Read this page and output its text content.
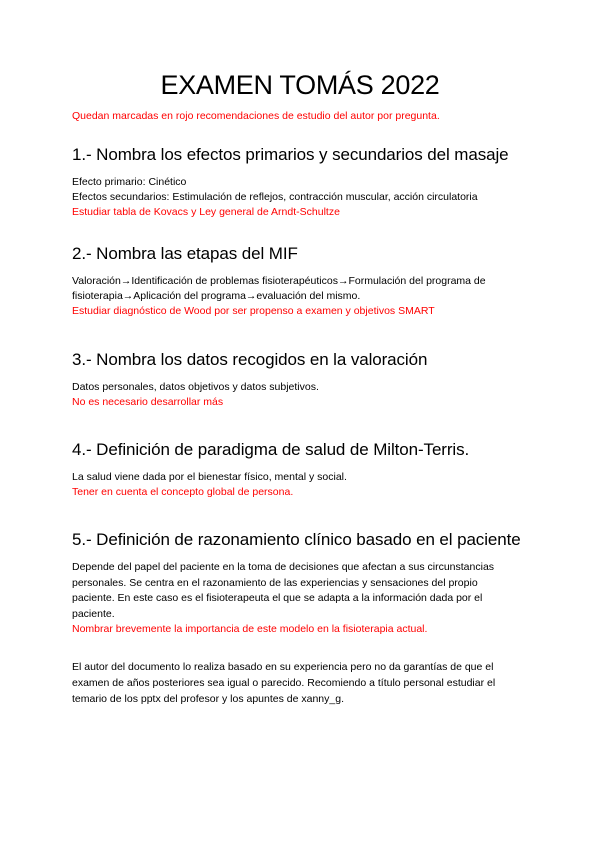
EXAMEN TOMÁS 2022
Quedan marcadas en rojo recomendaciones de estudio del autor por pregunta.
1.- Nombra los efectos primarios y secundarios del masaje
Efecto primario: Cinético
Efectos secundarios: Estimulación de reflejos, contracción muscular, acción circulatoria
Estudiar tabla de Kovacs y Ley general de Arndt-Schultze
2.- Nombra las etapas del MIF
Valoración→Identificación de problemas fisioterapéuticos→Formulación del programa de
fisioterapia→Aplicación del programa→evaluación del mismo.
Estudiar diagnóstico de Wood por ser propenso a examen y objetivos SMART
3.- Nombra los datos recogidos en la valoración
Datos personales, datos objetivos y datos subjetivos.
No es necesario desarrollar más
4.- Definición de paradigma de salud de Milton-Terris.
La salud viene dada por el bienestar físico, mental y social.
Tener en cuenta el concepto global de persona.
5.- Definición de razonamiento clínico basado en el paciente
Depende del papel del paciente en la toma de decisiones que afectan a sus circunstancias
personales. Se centra en el razonamiento de las experiencias y sensaciones del propio
paciente. En este caso es el fisioterapeuta el que se adapta a la información dada por el
paciente.
Nombrar brevemente la importancia de este modelo en la fisioterapia actual.
El autor del documento lo realiza basado en su experiencia pero no da garantías de que el
examen de años posteriores sea igual o parecido. Recomiendo a título personal estudiar el
temario de los pptx del profesor y los apuntes de xanny_g.
